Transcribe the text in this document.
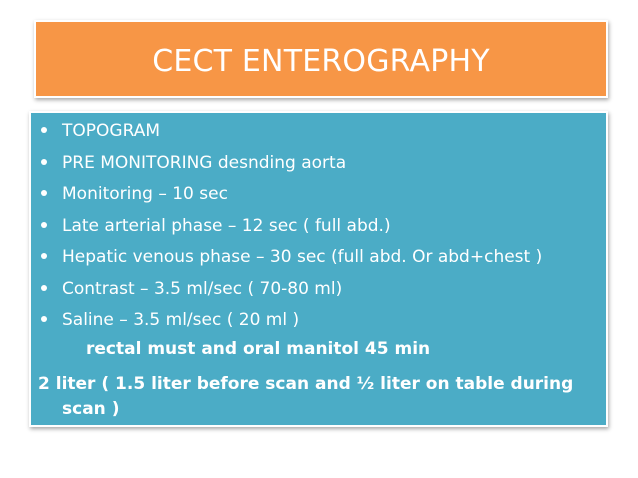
CECT ENTEROGRAPHY
TOPOGRAM
PRE MONITORING desnding aorta
Monitoring – 10 sec
Late arterial phase – 12 sec ( full abd.)
Hepatic venous phase – 30 sec (full abd. Or abd+chest )
Contrast – 3.5 ml/sec ( 70-80 ml)
Saline – 3.5 ml/sec ( 20 ml )
rectal must and oral manitol 45 min
2 liter ( 1.5 liter before scan and ½ liter on table during scan )
